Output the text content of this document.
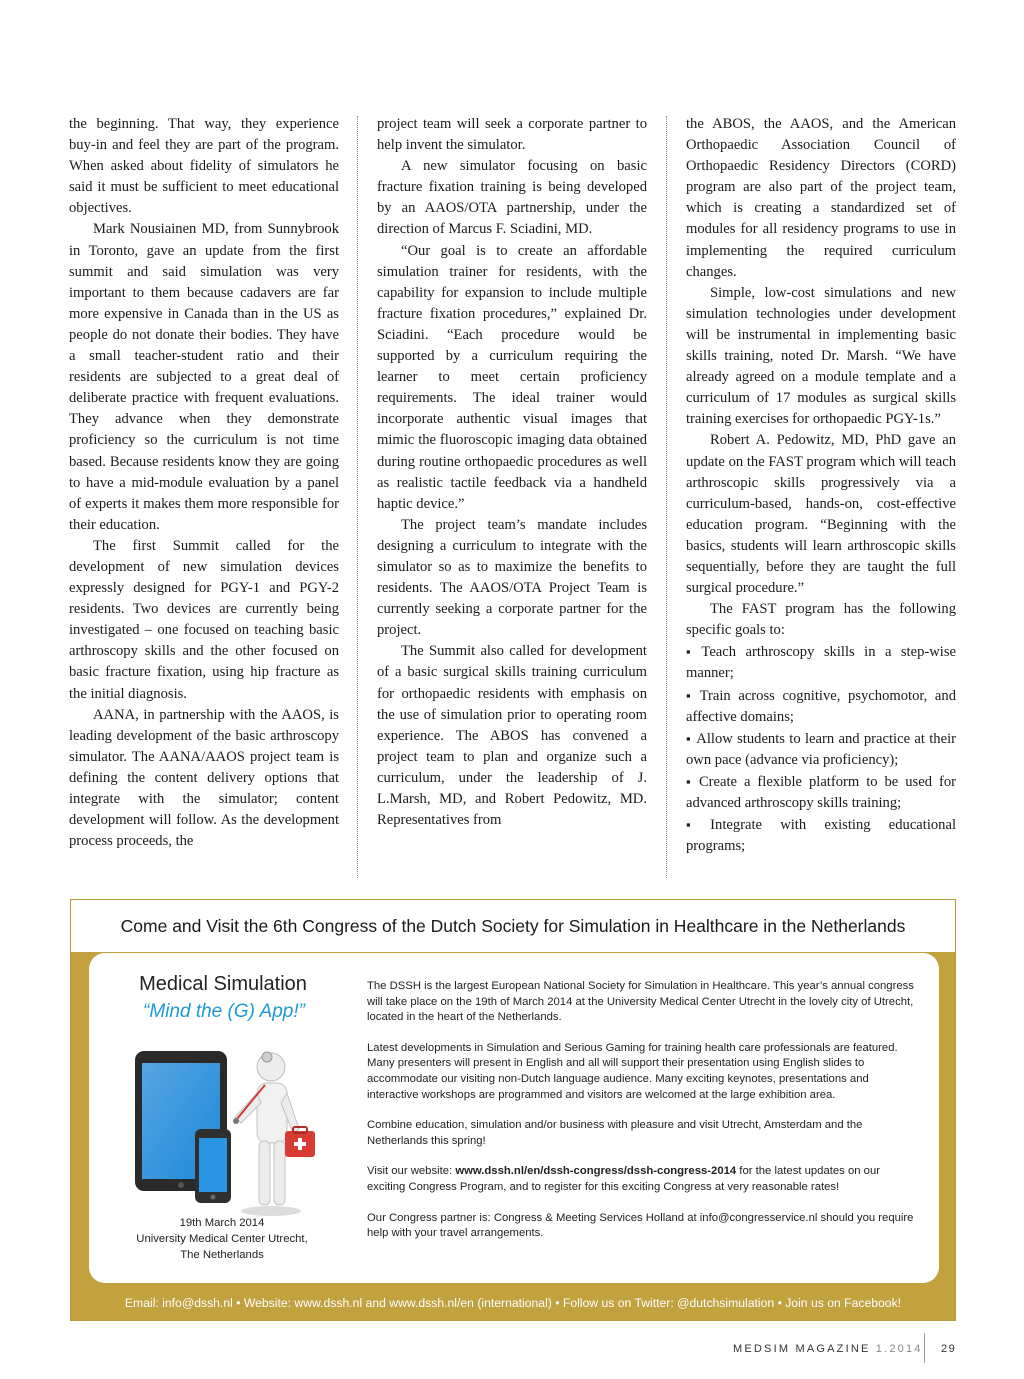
the beginning. That way, they experience buy-in and feel they are part of the program. When asked about fidelity of simulators he said it must be sufficient to meet educational objectives.

Mark Nousiainen MD, from Sunnybrook in Toronto, gave an update from the first summit and said simulation was very important to them because cadavers are far more expensive in Canada than in the US as people do not donate their bodies. They have a small teacher-student ratio and their residents are subjected to a great deal of deliberate practice with frequent evaluations. They advance when they demonstrate proficiency so the curriculum is not time based. Because residents know they are going to have a mid-module evaluation by a panel of experts it makes them more responsible for their education.

The first Summit called for the development of new simulation devices expressly designed for PGY-1 and PGY-2 residents. Two devices are currently being investigated – one focused on teaching basic arthroscopy skills and the other focused on basic fracture fixation, using hip fracture as the initial diagnosis.

AANA, in partnership with the AAOS, is leading development of the basic arthroscopy simulator. The AANA/AAOS project team is defining the content delivery options that integrate with the simulator; content development will follow. As the development process proceeds, the

project team will seek a corporate partner to help invent the simulator.

A new simulator focusing on basic fracture fixation training is being developed by an AAOS/OTA partnership, under the direction of Marcus F. Sciadini, MD.

“Our goal is to create an affordable simulation trainer for residents, with the capability for expansion to include multiple fracture fixation procedures,” explained Dr. Sciadini. “Each procedure would be supported by a curriculum requiring the learner to meet certain proficiency requirements. The ideal trainer would incorporate authentic visual images that mimic the fluoroscopic imaging data obtained during routine orthopaedic procedures as well as realistic tactile feedback via a handheld haptic device.”

The project team’s mandate includes designing a curriculum to integrate with the simulator so as to maximize the benefits to residents. The AAOS/OTA Project Team is currently seeking a corporate partner for the project.

The Summit also called for development of a basic surgical skills training curriculum for orthopaedic residents with emphasis on the use of simulation prior to operating room experience. The ABOS has convened a project team to plan and organize such a curriculum, under the leadership of J. L.Marsh, MD, and Robert Pedowitz, MD. Representatives from

the ABOS, the AAOS, and the American Orthopaedic Association Council of Orthopaedic Residency Directors (CORD) program are also part of the project team, which is creating a standardized set of modules for all residency programs to use in implementing the required curriculum changes.

Simple, low-cost simulations and new simulation technologies under development will be instrumental in implementing basic skills training, noted Dr. Marsh. “We have already agreed on a module template and a curriculum of 17 modules as surgical skills training exercises for orthopaedic PGY-1s.”

Robert A. Pedowitz, MD, PhD gave an update on the FAST program which will teach arthroscopic skills progressively via a curriculum-based, hands-on, cost-effective education program. “Beginning with the basics, students will learn arthroscopic skills sequentially, before they are taught the full surgical procedure.”

The FAST program has the following specific goals to:

▪ Teach arthroscopy skills in a step-wise manner;
▪ Train across cognitive, psychomotor, and affective domains;
▪ Allow students to learn and practice at their own pace (advance via proficiency);
▪ Create a flexible platform to be used for advanced arthroscopy skills training;
▪ Integrate with existing educational programs;
Come and Visit the 6th Congress of the Dutch Society for Simulation in Healthcare in the Netherlands
Medical Simulation
“Mind the (G) App!”
19th March 2014
University Medical Center Utrecht,
The Netherlands

The DSSH is the largest European National Society for Simulation in Healthcare. This year’s annual congress will take place on the 19th of March 2014 at the University Medical Center Utrecht in the lovely city of Utrecht, located in the heart of the Netherlands.

Latest developments in Simulation and Serious Gaming for training health care professionals are featured. Many presenters will present in English and all will support their presentation using English slides to accommodate our visiting non-Dutch language audience. Many exciting keynotes, presentations and interactive workshops are programmed and visitors are welcomed at the large exhibition area.

Combine education, simulation and/or business with pleasure and visit Utrecht, Amsterdam and the Netherlands this spring!

Visit our website: www.dssh.nl/en/dssh-congress/dssh-congress-2014 for the latest updates on our exciting Congress Program, and to register for this exciting Congress at very reasonable rates!

Our Congress partner is: Congress & Meeting Services Holland at info@congresservice.nl should you require help with your travel arrangements.

Email: info@dssh.nl • Website: www.dssh.nl and www.dssh.nl/en (international) • Follow us on Twitter: @dutchsimulation • Join us on Facebook!
MEDSIM MAGAZINE 1.2014 29
